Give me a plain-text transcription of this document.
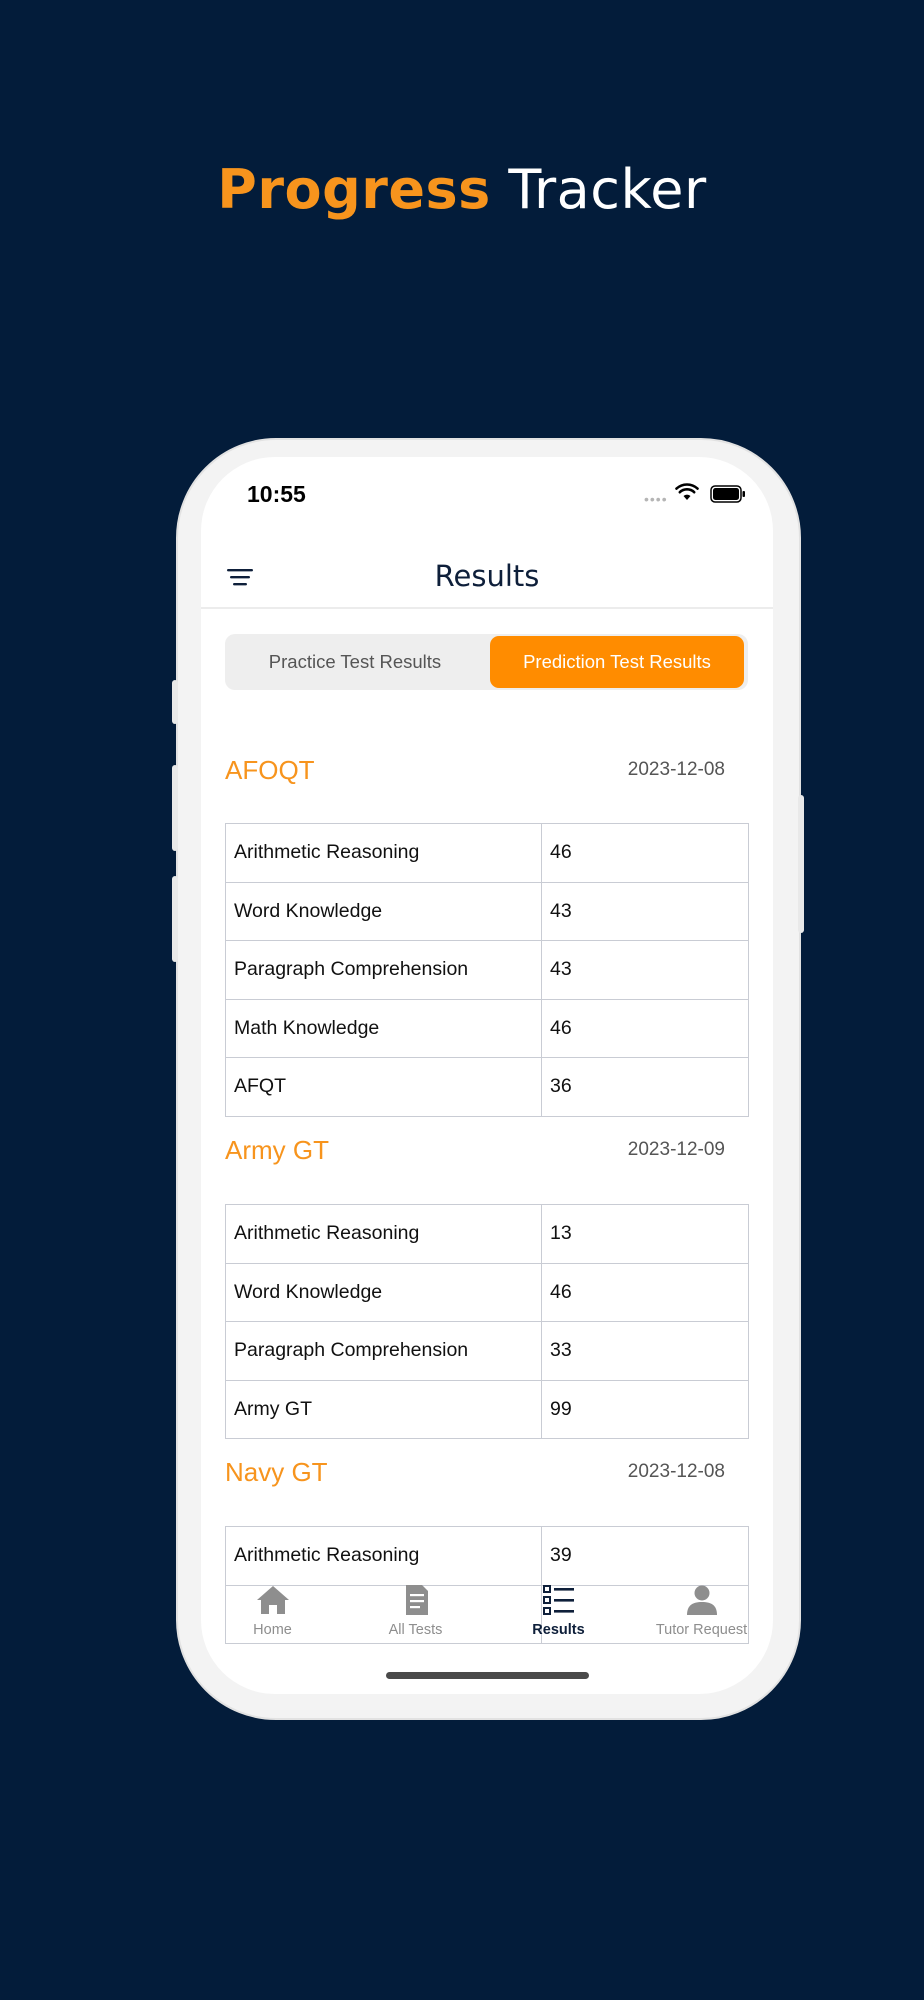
Progress Tracker
10:55	••••
Results
Practice Test Results	Prediction Test Results
AFOQT	2023-12-08
Arithmetic Reasoning	46
Word Knowledge	43
Paragraph Comprehension	43
Math Knowledge	46
AFQT	36
Army GT	2023-12-09
Arithmetic Reasoning	13
Word Knowledge	46
Paragraph Comprehension	33
Army GT	99
Navy GT	2023-12-08
Arithmetic Reasoning	39

Home	All Tests	Results	Tutor Request
